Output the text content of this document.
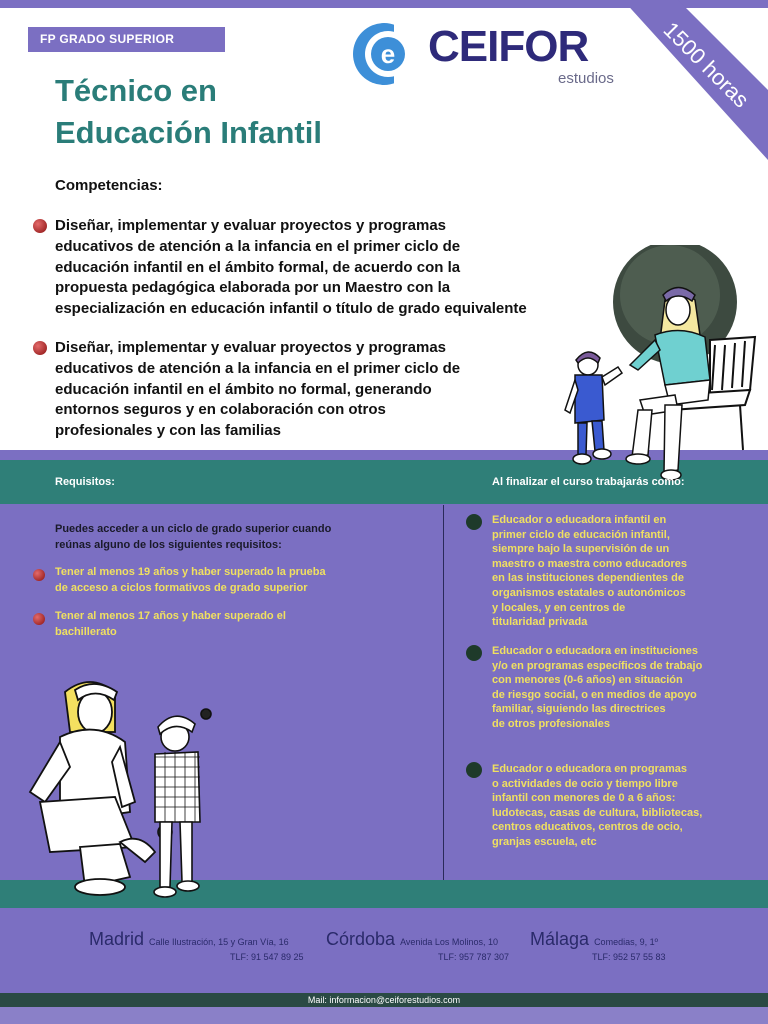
FP GRADO SUPERIOR	e CEIFOR
estudios 1500 horas
Técnico en
Educación Infantil
Competencias:
Diseñar, implementar y evaluar proyectos y programas
educativos de atención a la infancia en el primer ciclo de
educación infantil en el ámbito formal, de acuerdo con la
propuesta pedagógica elaborada por un Maestro con la
especialización en educación infantil o título de grado equivalente
Diseñar, implementar y evaluar proyectos y programas
educativos de atención a la infancia en el primer ciclo de
educación infantil en el ámbito no formal, generando
entornos seguros y en colaboración con otros
profesionales y con las familias
Requisitos:	Al finalizar el curso trabajarás como:
Puedes acceder a un ciclo de grado superior cuando
reúnas alguno de los siguientes requisitos:
Tener al menos 19 años y haber superado la prueba
de acceso a ciclos formativos de grado superior
Tener al menos 17 años y haber superado el
bachillerato
Educador o educadora infantil en
primer ciclo de educación infantil,
siempre bajo la supervisión de un
maestro o maestra como educadores
en las instituciones dependientes de
organismos estatales o autonómicos
y locales, y en centros de
titularidad privada
Educador o educadora en instituciones
y/o en programas específicos de trabajo
con menores (0-6 años) en situación
de riesgo social, o en medios de apoyo
familiar, siguiendo las directrices
de otros profesionales
Educador o educadora en programas
o actividades de ocio y tiempo libre
infantil con menores de 0 a 6 años:
ludotecas, casas de cultura, bibliotecas,
centros educativos, centros de ocio,
granjas escuela, etc
Madrid Calle Ilustración, 15 y Gran Vía, 16
TLF: 91 547 89 25
Córdoba Avenida Los Molinos, 10
TLF: 957 787 307
Málaga Comedias, 9, 1º
TLF: 952 57 55 83
Mail: informacion@ceiforestudios.com
